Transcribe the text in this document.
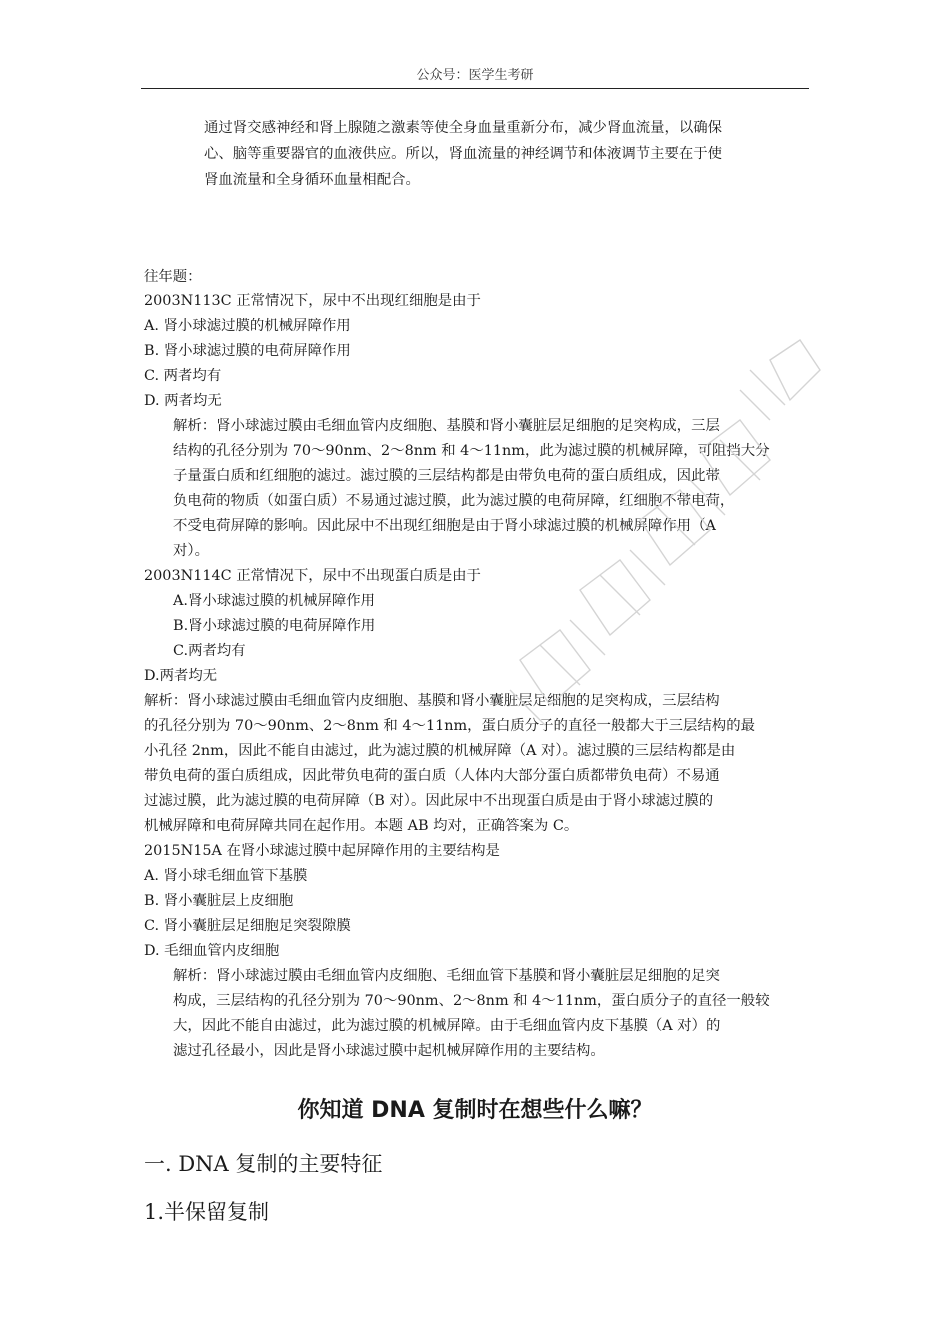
公众号：医学生考研
通过肾交感神经和肾上腺随之激素等使全身血量重新分布，减少肾血流量，以确保
心、脑等重要器官的血液供应。所以，肾血流量的神经调节和体液调节主要在于使
肾血流量和全身循环血量相配合。
往年题：
2003N113C 正常情况下，尿中不出现红细胞是由于
A. 肾小球滤过膜的机械屏障作用
B. 肾小球滤过膜的电荷屏障作用
C. 两者均有
D. 两者均无
解析：肾小球滤过膜由毛细血管内皮细胞、基膜和肾小囊脏层足细胞的足突构成，三层
结构的孔径分别为 70～90nm、2～8nm 和 4～11nm，此为滤过膜的机械屏障，可阻挡大分
子量蛋白质和红细胞的滤过。滤过膜的三层结构都是由带负电荷的蛋白质组成，因此带
负电荷的物质（如蛋白质）不易通过滤过膜，此为滤过膜的电荷屏障，红细胞不带电荷，
不受电荷屏障的影响。因此尿中不出现红细胞是由于肾小球滤过膜的机械屏障作用（A
对）。
2003N114C 正常情况下，尿中不出现蛋白质是由于
A.肾小球滤过膜的机械屏障作用
B.肾小球滤过膜的电荷屏障作用
C.两者均有
D.两者均无
解析：肾小球滤过膜由毛细血管内皮细胞、基膜和肾小囊脏层足细胞的足突构成，三层结构
的孔径分别为 70～90nm、2～8nm 和 4～11nm，蛋白质分子的直径一般都大于三层结构的最
小孔径 2nm，因此不能自由滤过，此为滤过膜的机械屏障（A 对）。滤过膜的三层结构都是由
带负电荷的蛋白质组成，因此带负电荷的蛋白质（人体内大部分蛋白质都带负电荷）不易通
过滤过膜，此为滤过膜的电荷屏障（B 对）。因此尿中不出现蛋白质是由于肾小球滤过膜的
机械屏障和电荷屏障共同在起作用。本题 AB 均对，正确答案为 C。
2015N15A 在肾小球滤过膜中起屏障作用的主要结构是
A. 肾小球毛细血管下基膜
B. 肾小囊脏层上皮细胞
C. 肾小囊脏层足细胞足突裂隙膜
D. 毛细血管内皮细胞
解析：肾小球滤过膜由毛细血管内皮细胞、毛细血管下基膜和肾小囊脏层足细胞的足突
构成，三层结构的孔径分别为 70～90nm、2～8nm 和 4～11nm，蛋白质分子的直径一般较
大，因此不能自由滤过，此为滤过膜的机械屏障。由于毛细血管内皮下基膜（A 对）的
滤过孔径最小，因此是肾小球滤过膜中起机械屏障作用的主要结构。
你知道 DNA 复制时在想些什么嘛？
一. DNA 复制的主要特征
1.半保留复制
